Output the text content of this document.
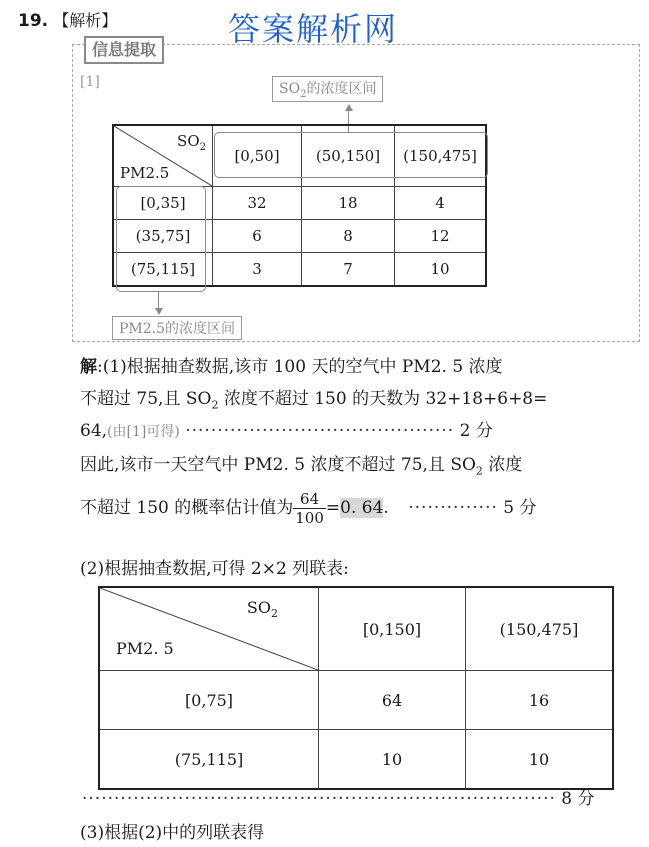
19. 【解析】	答案解析网
信息提取
[1]	$SO_2$的浓度区间
$SO_2$
PM2.5	[0,50]	(50,150]	(150,475]
[0,35]	32	18	4
(35,75]	6	8	12
(75,115]	3	7	10
PM2.5的浓度区间
解:(1)根据抽查数据,该市 100 天的空气中 PM2. 5 浓度
不超过 75,且 $SO_2$ 浓度不超过 150 的天数为 32+18+6+8=
64,(由[1]可得) ·········································· 2 分
因此,该市一天空气中 PM2. 5 浓度不超过 75,且 $SO_2$ 浓度
不超过 150 的概率估计值为 $\frac{64}{100} =0$. 64. ·············· 5 分
(2)根据抽查数据,可得 2×2 列联表:
$SO_2$
PM2. 5	[0,150]	(150,475]
[0,75]	64	16
(75,115]	10	10
·········································································· 8 分
(3)根据(2)中的列联表得
